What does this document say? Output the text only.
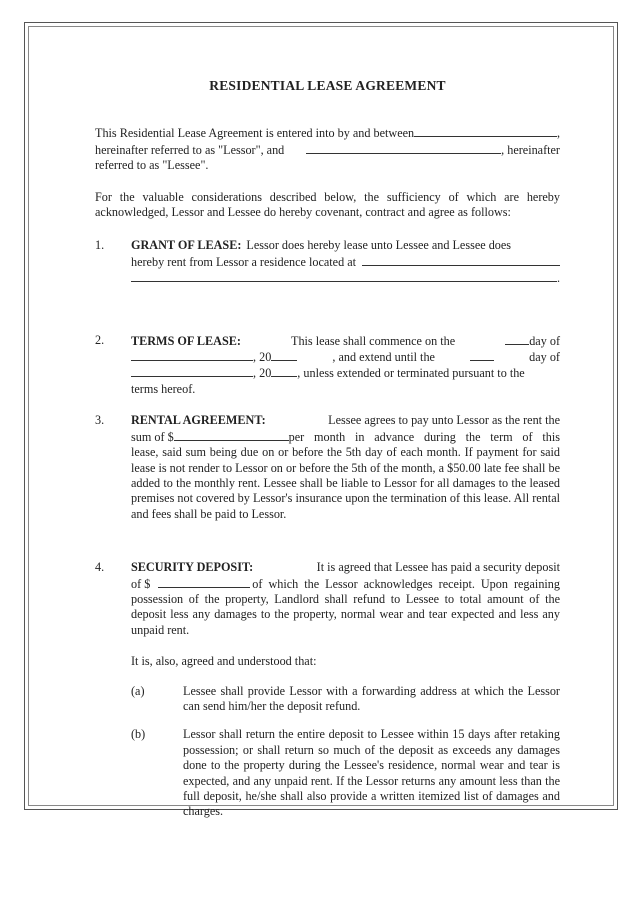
RESIDENTIAL LEASE AGREEMENT
This Residential Lease Agreement is entered into by and between	,
hereinafter referred to as "Lessor", and	, hereinafter
referred to as "Lessee".

For the valuable considerations described below, the sufficiency of which are hereby acknowledged, Lessor and Lessee do hereby covenant, contract and agree as follows:

1. GRANT OF LEASE: Lessor does hereby lease unto Lessee and Lessee does
hereby rent from Lessor a residence located at
.
2. TERMS OF LEASE:	This lease shall commence on the	day of
, 20	, and extend until the	day of
, 20 , unless extended or terminated pursuant to the
terms hereof.
3. RENTAL AGREEMENT:	Lessee agrees to pay unto Lessor as the rent the
sum of $	per month in advance during the term of this

lease, said sum being due on or before the 5th day of each month. If payment for said lease is not render to Lessor on or before the 5th of the month, a $50.00 late fee shall be added to the monthly rent. Lessee shall be liable to Lessor for all damages to the leased premises not covered by Lessor's insurance upon the termination of this lease. All rental and fees shall be paid to Lessor.

4. SECURITY DEPOSIT:	It is agreed that Lessee has paid a security deposit
of $	of which the Lessor acknowledges receipt. Upon regaining

possession of the property, Landlord shall refund to Lessee to total amount of the deposit less any damages to the property, normal wear and tear expected and less any unpaid rent.

It is, also, agreed and understood that:

(a)	Lessee shall provide Lessor with a forwarding address at which the Lessor can send him/her the deposit refund.

(b)	Lessor shall return the entire deposit to Lessee within 15 days after retaking possession; or shall return so much of the deposit as exceeds any damages done to the property during the Lessee's residence, normal wear and tear is expected, and any unpaid rent. If the Lessor returns any amount less than the full deposit, he/she shall also provide a written itemized list of damages and charges.
